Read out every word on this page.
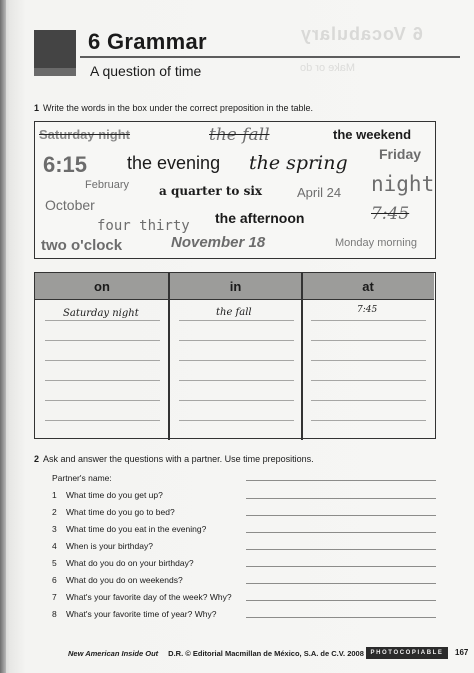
6 Vocabulary
Make or do
6 Grammar
A question of time
1 Write the words in the box under the correct preposition in the table.
Saturday night	the fall	the weekend
6:15 the evening the spring Friday
February a quarter to six	April 24 night
October
four thirty the afternoon	7:45
two o'clock	November 18	Monday morning
on	in	at
Saturday night	the fall	7:45
2 Ask and answer the questions with a partner. Use time prepositions.
Partner's name:
1 What time do you get up?
2 What time do you go to bed?
3 What time do you eat in the evening?
4 When is your birthday?
5 What do you do on your birthday?
6 What do you do on weekends?
7 What's your favorite day of the week? Why?
8 What's your favorite time of year? Why?
New American Inside Out D.R. © Editorial Macmillan de México, S.A. de C.V. 2008	PHOTOCOPIABLE	167
